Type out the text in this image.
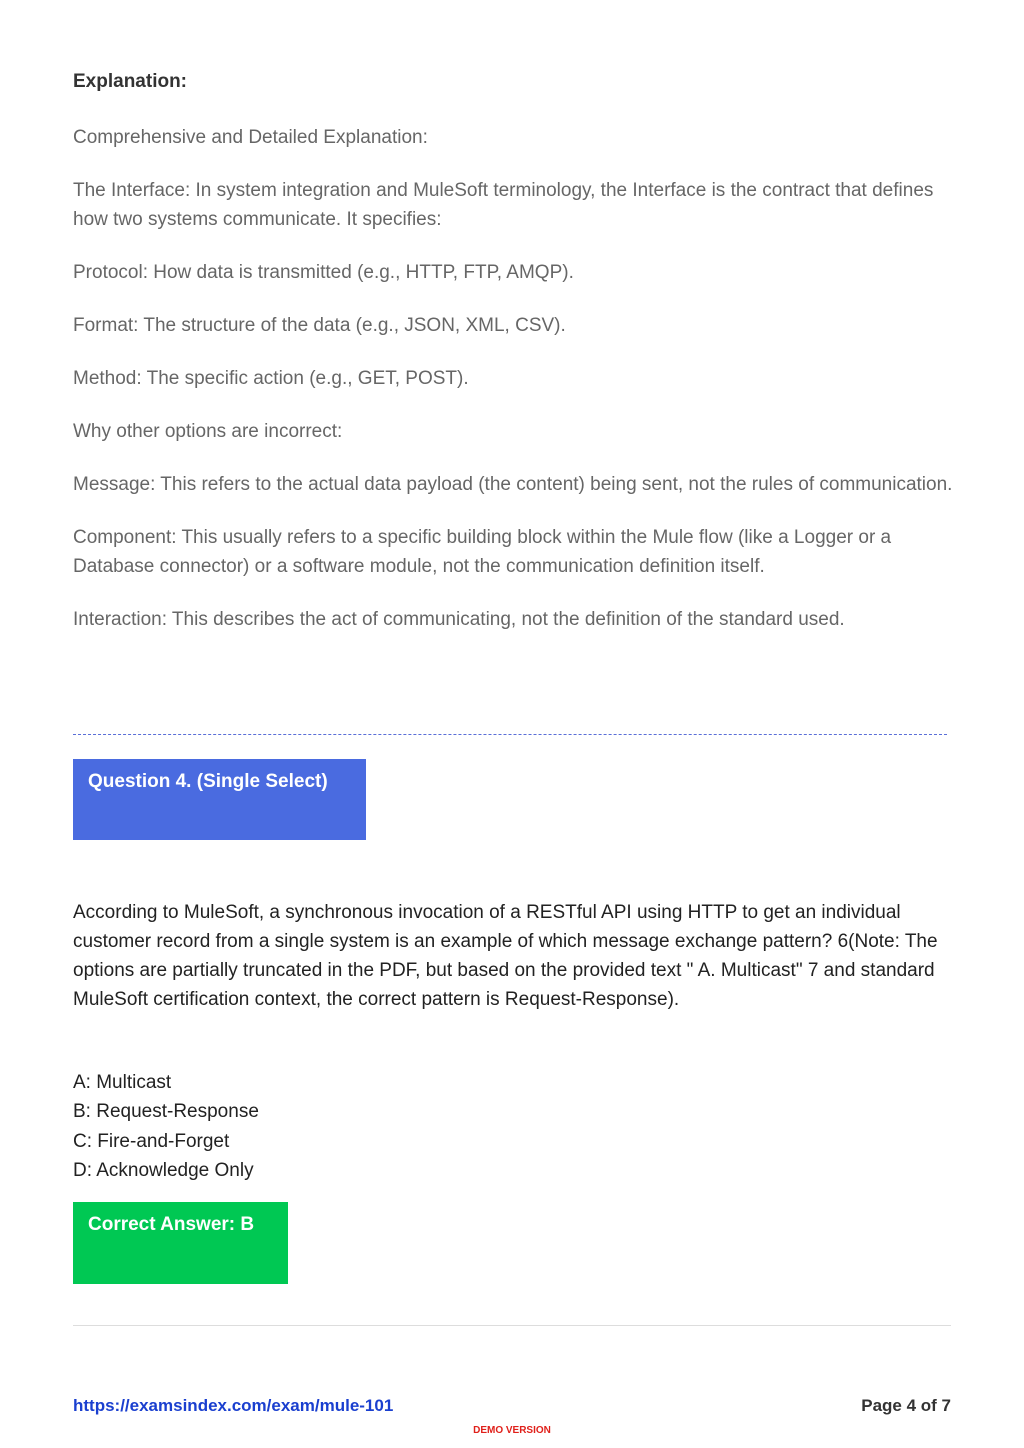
Explanation:

Comprehensive and Detailed Explanation:

The Interface: In system integration and MuleSoft terminology, the Interface is the contract that defines how two systems communicate. It specifies:

Protocol: How data is transmitted (e.g., HTTP, FTP, AMQP).

Format: The structure of the data (e.g., JSON, XML, CSV).

Method: The specific action (e.g., GET, POST).

Why other options are incorrect:

Message: This refers to the actual data payload (the content) being sent, not the rules of communication.

Component: This usually refers to a specific building block within the Mule flow (like a Logger or a Database connector) or a software module, not the communication definition itself.

Interaction: This describes the act of communicating, not the definition of the standard used.

Question 4. (Single Select)

According to MuleSoft, a synchronous invocation of a RESTful API using HTTP to get an individual customer record from a single system is an example of which message exchange pattern? 6(Note: The options are partially truncated in the PDF, but based on the provided text " A. Multicast" 7 and standard MuleSoft certification context, the correct pattern is Request-Response).

A: Multicast
B: Request-Response
C: Fire-and-Forget
D: Acknowledge Only
Correct Answer: B
https://examsindex.com/exam/mule-101	Page 4 of 7
DEMO VERSION
